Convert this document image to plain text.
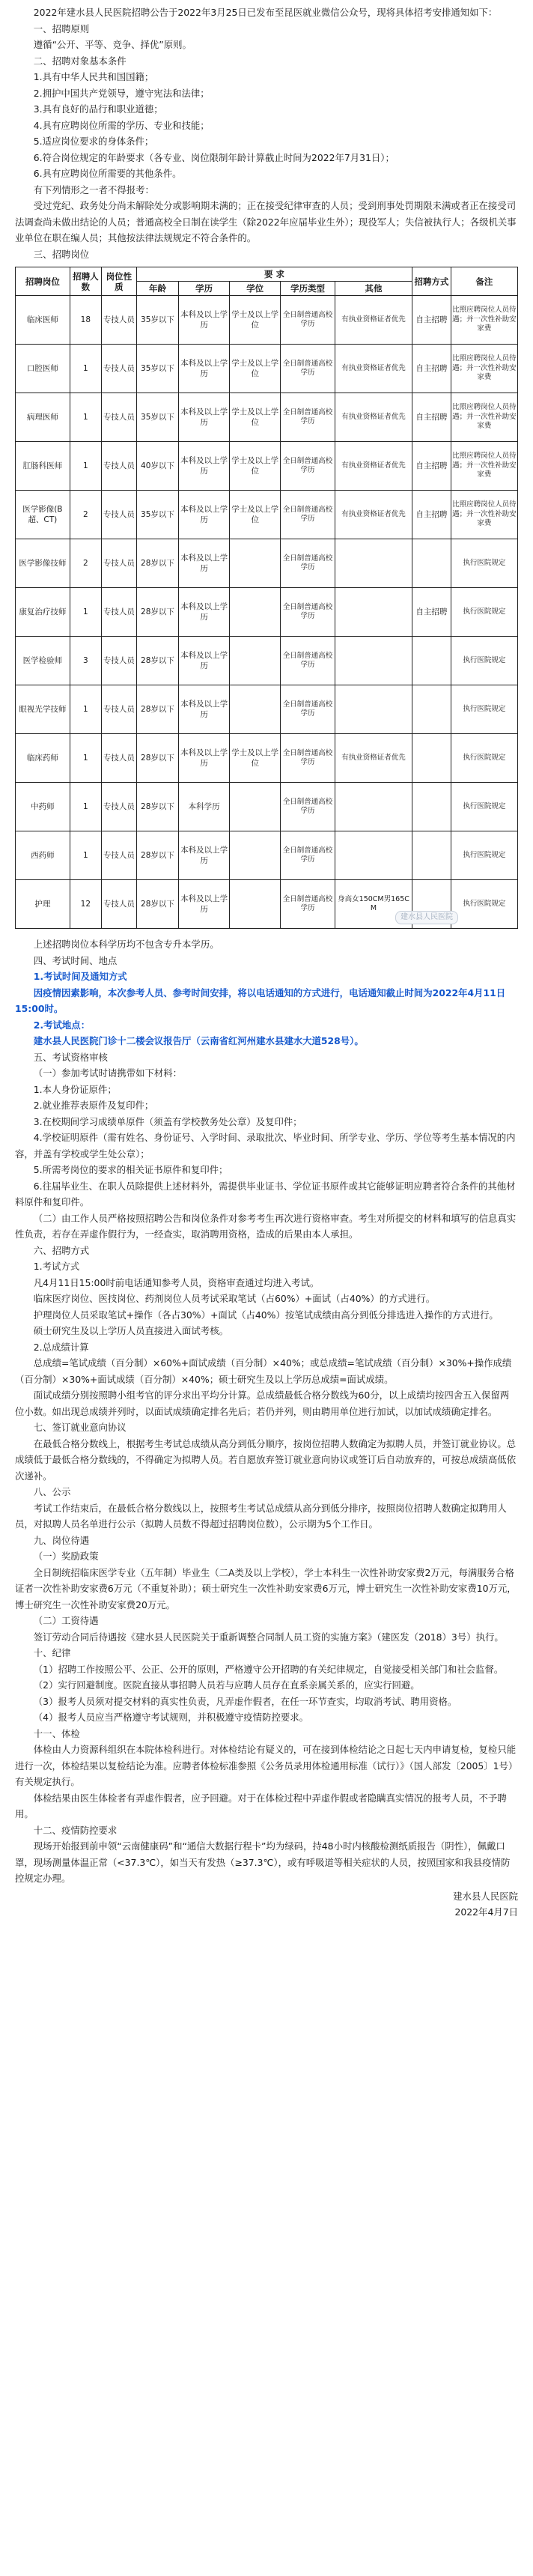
2022年建水县人民医院招聘公告于2022年3月25日已发布至昆医就业微信公众号，现将具体招考安排通知如下：

一、招聘原则

遵循“公开、平等、竞争、择优”原则。

二、招聘对象基本条件

1.具有中华人民共和国国籍；

2.拥护中国共产党领导，遵守宪法和法律；

3.具有良好的品行和职业道德；

4.具有应聘岗位所需的学历、专业和技能；

5.适应岗位要求的身体条件；

6.符合岗位规定的年龄要求（各专业、岗位限制年龄计算截止时间为2022年7月31日）；

6.具有应聘岗位所需要的其他条件。

有下列情形之一者不得报考：

受过党纪、政务处分尚未解除处分或影响期未满的；正在接受纪律审查的人员；受到刑事处罚期限未满或者正在接受司法调查尚未做出结论的人员；普通高校全日制在读学生（除2022年应届毕业生外）；现役军人；失信被执行人；各级机关事业单位在职在编人员；其他按法律法规规定不符合条件的。

三、招聘岗位

招聘岗位	招聘人数	岗位性质	要 求					招聘方式	备注
			年龄	学历	学位	学历类型	其他		
临床医师	18	专技人员	35岁以下	本科及以上学历	学士及以上学位	全日制普通高校学历	有执业资格证者优先	自主招聘	比照应聘岗位人员待遇；并一次性补助安家费
口腔医师	1	专技人员	35岁以下	本科及以上学历	学士及以上学位	全日制普通高校学历	有执业资格证者优先	自主招聘	比照应聘岗位人员待遇；并一次性补助安家费
病理医师	1	专技人员	35岁以下	本科及以上学历	学士及以上学位	全日制普通高校学历	有执业资格证者优先	自主招聘	比照应聘岗位人员待遇；并一次性补助安家费
肛肠科医师	1	专技人员	40岁以下	本科及以上学历	学士及以上学位	全日制普通高校学历	有执业资格证者优先	自主招聘	比照应聘岗位人员待遇；并一次性补助安家费
医学影像(B超、CT)	2	专技人员	35岁以下	本科及以上学历	学士及以上学位	全日制普通高校学历	有执业资格证者优先	自主招聘	比照应聘岗位人员待遇；并一次性补助安家费
医学影像技师	2	专技人员	28岁以下	本科及以上学历		全日制普通高校学历			执行医院规定
康复治疗技师	1	专技人员	28岁以下	本科及以上学历		全日制普通高校学历		自主招聘	执行医院规定
医学检验师	3	专技人员	28岁以下	本科及以上学历		全日制普通高校学历			执行医院规定
眼视光学技师	1	专技人员	28岁以下	本科及以上学历		全日制普通高校学历			执行医院规定
临床药师	1	专技人员	28岁以下	本科及以上学历	学士及以上学位	全日制普通高校学历	有执业资格证者优先		执行医院规定
中药师	1	专技人员	28岁以下	本科学历		全日制普通高校学历			执行医院规定
西药师	1	专技人员	28岁以下	本科及以上学历		全日制普通高校学历			执行医院规定
护理	12	专技人员	28岁以下	本科及以上学历		全日制普通高校学历	身高女150CM男165CM		执行医院规定
建水县人民医院

上述招聘岗位本科学历均不包含专升本学历。

四、考试时间、地点

1.考试时间及通知方式

因疫情因素影响，本次参考人员、参考时间安排，将以电话通知的方式进行，电话通知截止时间为2022年4月11日15:00时。

2.考试地点：

建水县人民医院门诊十二楼会议报告厅（云南省红河州建水县建水大道528号）。

五、考试资格审核

（一）参加考试时请携带如下材料：

1.本人身份证原件；

2.就业推荐表原件及复印件；

3.在校期间学习成绩单原件（须盖有学校教务处公章）及复印件；

4.学校证明原件（需有姓名、身份证号、入学时间、录取批次、毕业时间、所学专业、学历、学位等考生基本情况的内容，并盖有学校或学生处公章）；

5.所需考岗位的要求的相关证书原件和复印件；

6.往届毕业生、在职人员除提供上述材料外，需提供毕业证书、学位证书原件或其它能够证明应聘者符合条件的其他材料原件和复印件。

（二）由工作人员严格按照招聘公告和岗位条件对参考考生再次进行资格审查。考生对所提交的材料和填写的信息真实性负责，若存在弄虚作假行为，一经查实，取消聘用资格，造成的后果由本人承担。

六、招聘方式

1.考试方式

凡4月11日15:00时前电话通知参考人员，资格审查通过均进入考试。

临床医疗岗位、医技岗位、药剂岗位人员考试采取笔试（占60%）+面试（占40%）的方式进行。

护理岗位人员采取笔试+操作（各占30%）+面试（占40%）按笔试成绩由高分到低分排选进入操作的方式进行。

硕士研究生及以上学历人员直接进入面试考核。

2.总成绩计算

总成绩=笔试成绩（百分制）×60%+面试成绩（百分制）×40%；或总成绩=笔试成绩（百分制）×30%+操作成绩（百分制）×30%+面试成绩（百分制）×40%；硕士研究生及以上学历总成绩=面试成绩。

面试成绩分别按照聘小组考官的评分求出平均分计算。总成绩最低合格分数线为60分，以上成绩均按四舍五入保留两位小数。如出现总成绩并列时，以面试成绩确定排名先后；若仍并列，则由聘用单位进行加试，以加试成绩确定排名。

七、签订就业意向协议

在最低合格分数线上，根据考生考试总成绩从高分到低分顺序，按岗位招聘人数确定为拟聘人员，并签订就业协议。总成绩低于最低合格分数线的，不得确定为拟聘人员。若自愿放弃签订就业意向协议或签订后自动放弃的，可按总成绩高低依次递补。

八、公示

考试工作结束后，在最低合格分数线以上，按照考生考试总成绩从高分到低分排序，按照岗位招聘人数确定拟聘用人员，对拟聘人员名单进行公示（拟聘人员数不得超过招聘岗位数），公示期为5个工作日。

九、岗位待遇

（一）奖励政策

全日制统招临床医学专业（五年制）毕业生（二A类及以上学校），学士本科生一次性补助安家费2万元，每满服务合格证者一次性补助安家费6万元（不重复补助）；硕士研究生一次性补助安家费6万元，博士研究生一次性补助安家费10万元，博士研究生一次性补助安家费20万元。

（二）工资待遇

签订劳动合同后待遇按《建水县人民医院关于重新调整合同制人员工资的实施方案》（建医发（2018）3号）执行。

十、纪律

（1）招聘工作按照公平、公正、公开的原则，严格遵守公开招聘的有关纪律规定，自觉接受相关部门和社会监督。

（2）实行回避制度。医院直接从事招聘人员若与应聘人员存在直系亲属关系的，应实行回避。

（3）报考人员须对提交材料的真实性负责，凡弄虚作假者，在任一环节查实，均取消考试、聘用资格。

（4）报考人员应当严格遵守考试规则，并积极遵守疫情防控要求。

十一、体检

体检由人力资源科组织在本院体检科进行。对体检结论有疑义的，可在接到体检结论之日起七天内申请复检，复检只能进行一次，体检结果以复检结论为准。应聘者体检标准参照《公务员录用体检通用标准（试行）》（国人部发〔2005〕1号）有关规定执行。

体检结果由医生体检者有弄虚作假者，应予回避。对于在体检过程中弄虚作假或者隐瞒真实情况的报考人员，不予聘用。

十二、疫情防控要求

现场开始报到前申领“云南健康码”和“通信大数据行程卡”均为绿码，持48小时内核酸检测纸质报告（阴性），佩戴口罩，现场测量体温正常（<37.3℃），如当天有发热（≥37.3℃），或有呼吸道等相关症状的人员，按照国家和我县疫情防控规定办理。

建水县人民医院

2022年4月7日
